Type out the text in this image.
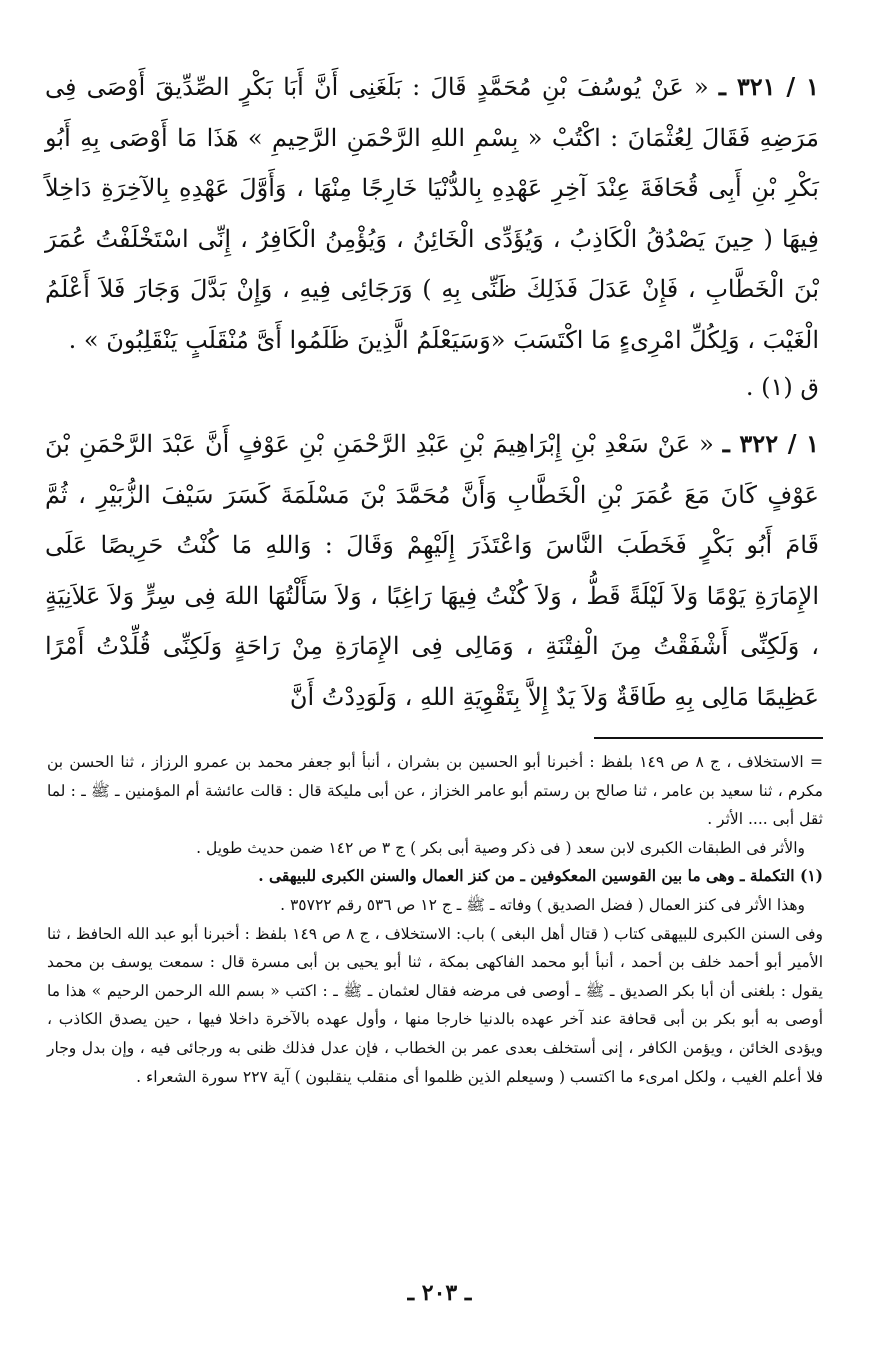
١ / ٣٢١ ـ « عَنْ يُوسُفَ بْنِ مُحَمَّدٍ قَالَ : بَلَغَنِى أَنَّ أَبَا بَكْرٍ الصِّدِّيقَ أَوْصَى فِى مَرَضِهِ فَقَالَ لِعُثْمَانَ : اكْتُبْ « بِسْمِ اللهِ الرَّحْمَنِ الرَّحِيمِ » هَذَا مَا أَوْصَى بِهِ أَبُو بَكْرِ بْنِ أَبِى قُحَافَةَ عِنْدَ آخِرِ عَهْدِهِ بِالدُّنْيَا خَارِجًا مِنْهَا ، وَأَوَّلَ عَهْدِهِ بِالآخِرَةِ دَاخِلاً فِيهَا ( حِينَ يَصْدُقُ الْكَاذِبُ ، وَيُؤَدِّى الْخَائِنُ ، وَيُؤْمِنُ الْكَافِرُ ، إِنِّى اسْتَخْلَفْتُ عُمَرَ بْنَ الْخَطَّابِ ، فَإِنْ عَدَلَ فَذَلِكَ ظَنِّى بِهِ ) وَرَجَائِى فِيهِ ، وَإِنْ بَدَّلَ وَجَارَ فَلاَ أَعْلَمُ الْغَيْبَ ، وَلِكُلِّ امْرِىءٍ مَا اكْتَسَبَ «وَسَيَعْلَمُ الَّذِينَ ظَلَمُوا أَىَّ مُنْقَلَبٍ يَنْقَلِبُونَ » .

ق (١) .

١ / ٣٢٢ ـ « عَنْ سَعْدِ بْنِ إِبْرَاهِيمَ بْنِ عَبْدِ الرَّحْمَنِ بْنِ عَوْفٍ أَنَّ عَبْدَ الرَّحْمَنِ بْنَ عَوْفٍ كَانَ مَعَ عُمَرَ بْنِ الْخَطَّابِ وَأَنَّ مُحَمَّدَ بْنَ مَسْلَمَةَ كَسَرَ سَيْفَ الزُّبَيْرِ ، ثُمَّ قَامَ أَبُو بَكْرٍ فَخَطَبَ النَّاسَ وَاعْتَذَرَ إِلَيْهِمْ وَقَالَ : وَاللهِ مَا كُنْتُ حَرِيصًا عَلَى الإِمَارَةِ يَوْمًا وَلاَ لَيْلَةً قَطُّ ، وَلاَ كُنْتُ فِيهَا رَاغِبًا ، وَلاَ سَأَلْتُهَا اللهَ فِى سِرٍّ وَلاَ عَلاَنِيَةٍ ، وَلَكِنِّى أَشْفَقْتُ مِنَ الْفِتْنَةِ ، وَمَالِى فِى الإِمَارَةِ مِنْ رَاحَةٍ وَلَكِنِّى قُلِّدْتُ أَمْرًا عَظِيمًا مَالِى بِهِ طَاقَةٌ وَلاَ يَدٌ إِلاَّ بِتَقْوِيَةِ اللهِ ، وَلَوَدِدْتُ أَنَّ

= الاستخلاف ، ج ٨ ص ١٤٩ بلفظ : أخبرنا أبو الحسين بن بشران ، أنبأ أبو جعفر محمد بن عمرو الرزاز ، ثنا الحسن بن مكرم ، ثنا سعيد بن عامر ، ثنا صالح بن رستم أبو عامر الخزاز ، عن أبى مليكة قال : قالت عائشة أم المؤمنين ـ ﷺ ـ : لما ثقل أبى .... الأثر .

والأثر فى الطبقات الكبرى لابن سعد ( فى ذكر وصية أبى بكر ) ج ٣ ص ١٤٢ ضمن حديث طويل .

(١) التكملة ـ وهى ما بين القوسين المعكوفين ـ من كنز العمال والسنن الكبرى للبيهقى .

وهذا الأثر فى كنز العمال ( فضل الصديق ) وفاته ـ ﷺ ـ ج ١٢ ص ٥٣٦ رقم ٣٥٧٢٢ .

وفى السنن الكبرى للبيهقى كتاب ( قتال أهل البغى ) باب: الاستخلاف ، ج ٨ ص ١٤٩ بلفظ : أخبرنا أبو عبد الله الحافظ ، ثنا الأمير أبو أحمد خلف بن أحمد ، أنبأ أبو محمد الفاكهى بمكة ، ثنا أبو يحيى بن أبى مسرة قال : سمعت يوسف بن محمد يقول : بلغنى أن أبا بكر الصديق ـ ﷺ ـ أوصى فى مرضه فقال لعثمان ـ ﷺ ـ : اكتب « بسم الله الرحمن الرحيم » هذا ما أوصى به أبو بكر بن أبى قحافة عند آخر عهده بالدنيا خارجا منها ، وأول عهده بالآخرة داخلا فيها ، حين يصدق الكاذب ، ويؤدى الخائن ، ويؤمن الكافر ، إنى أستخلف بعدى عمر بن الخطاب ، فإن عدل فذلك ظنى به ورجائى فيه ، وإن بدل وجار فلا أعلم الغيب ، ولكل امرىء ما اكتسب ( وسيعلم الذين ظلموا أى منقلب ينقلبون ) آية ٢٢٧ سورة الشعراء .

ـ ٢٠٣ ـ
